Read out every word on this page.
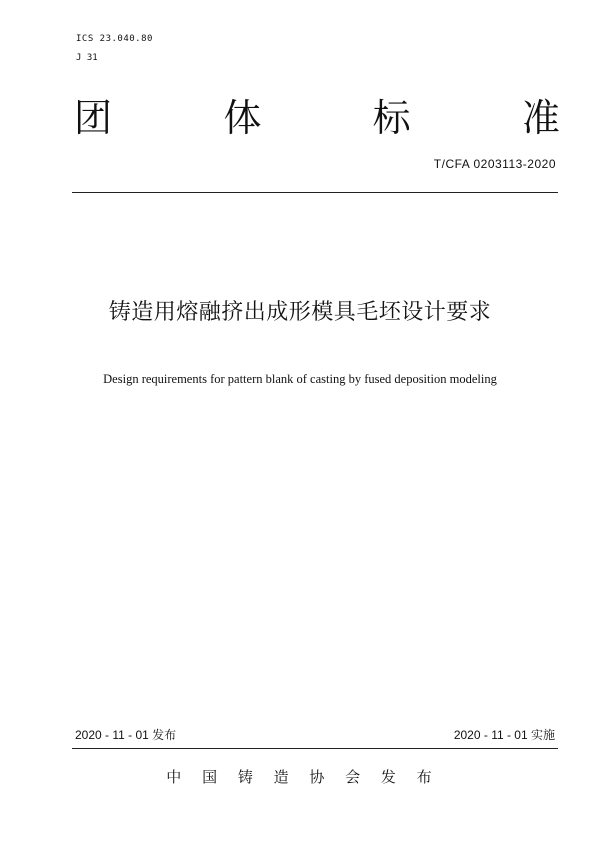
ICS 23.040.80
J 31
团	体	标	准
T/CFA 0203113-2020
铸造用熔融挤出成形模具毛坯设计要求
Design requirements for pattern blank of casting by fused deposition modeling
2020 - 11 - 01 发布	2020 - 11 - 01 实施
中 国 铸 造 协 会 发 布
